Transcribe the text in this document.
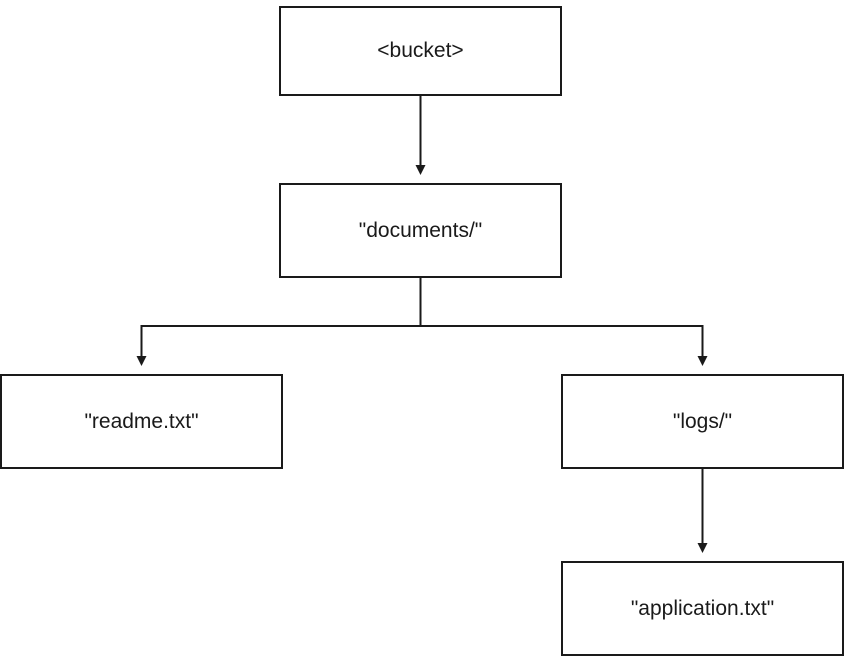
<bucket>
"documents/"
"readme.txt"	"logs/"
"application.txt"
